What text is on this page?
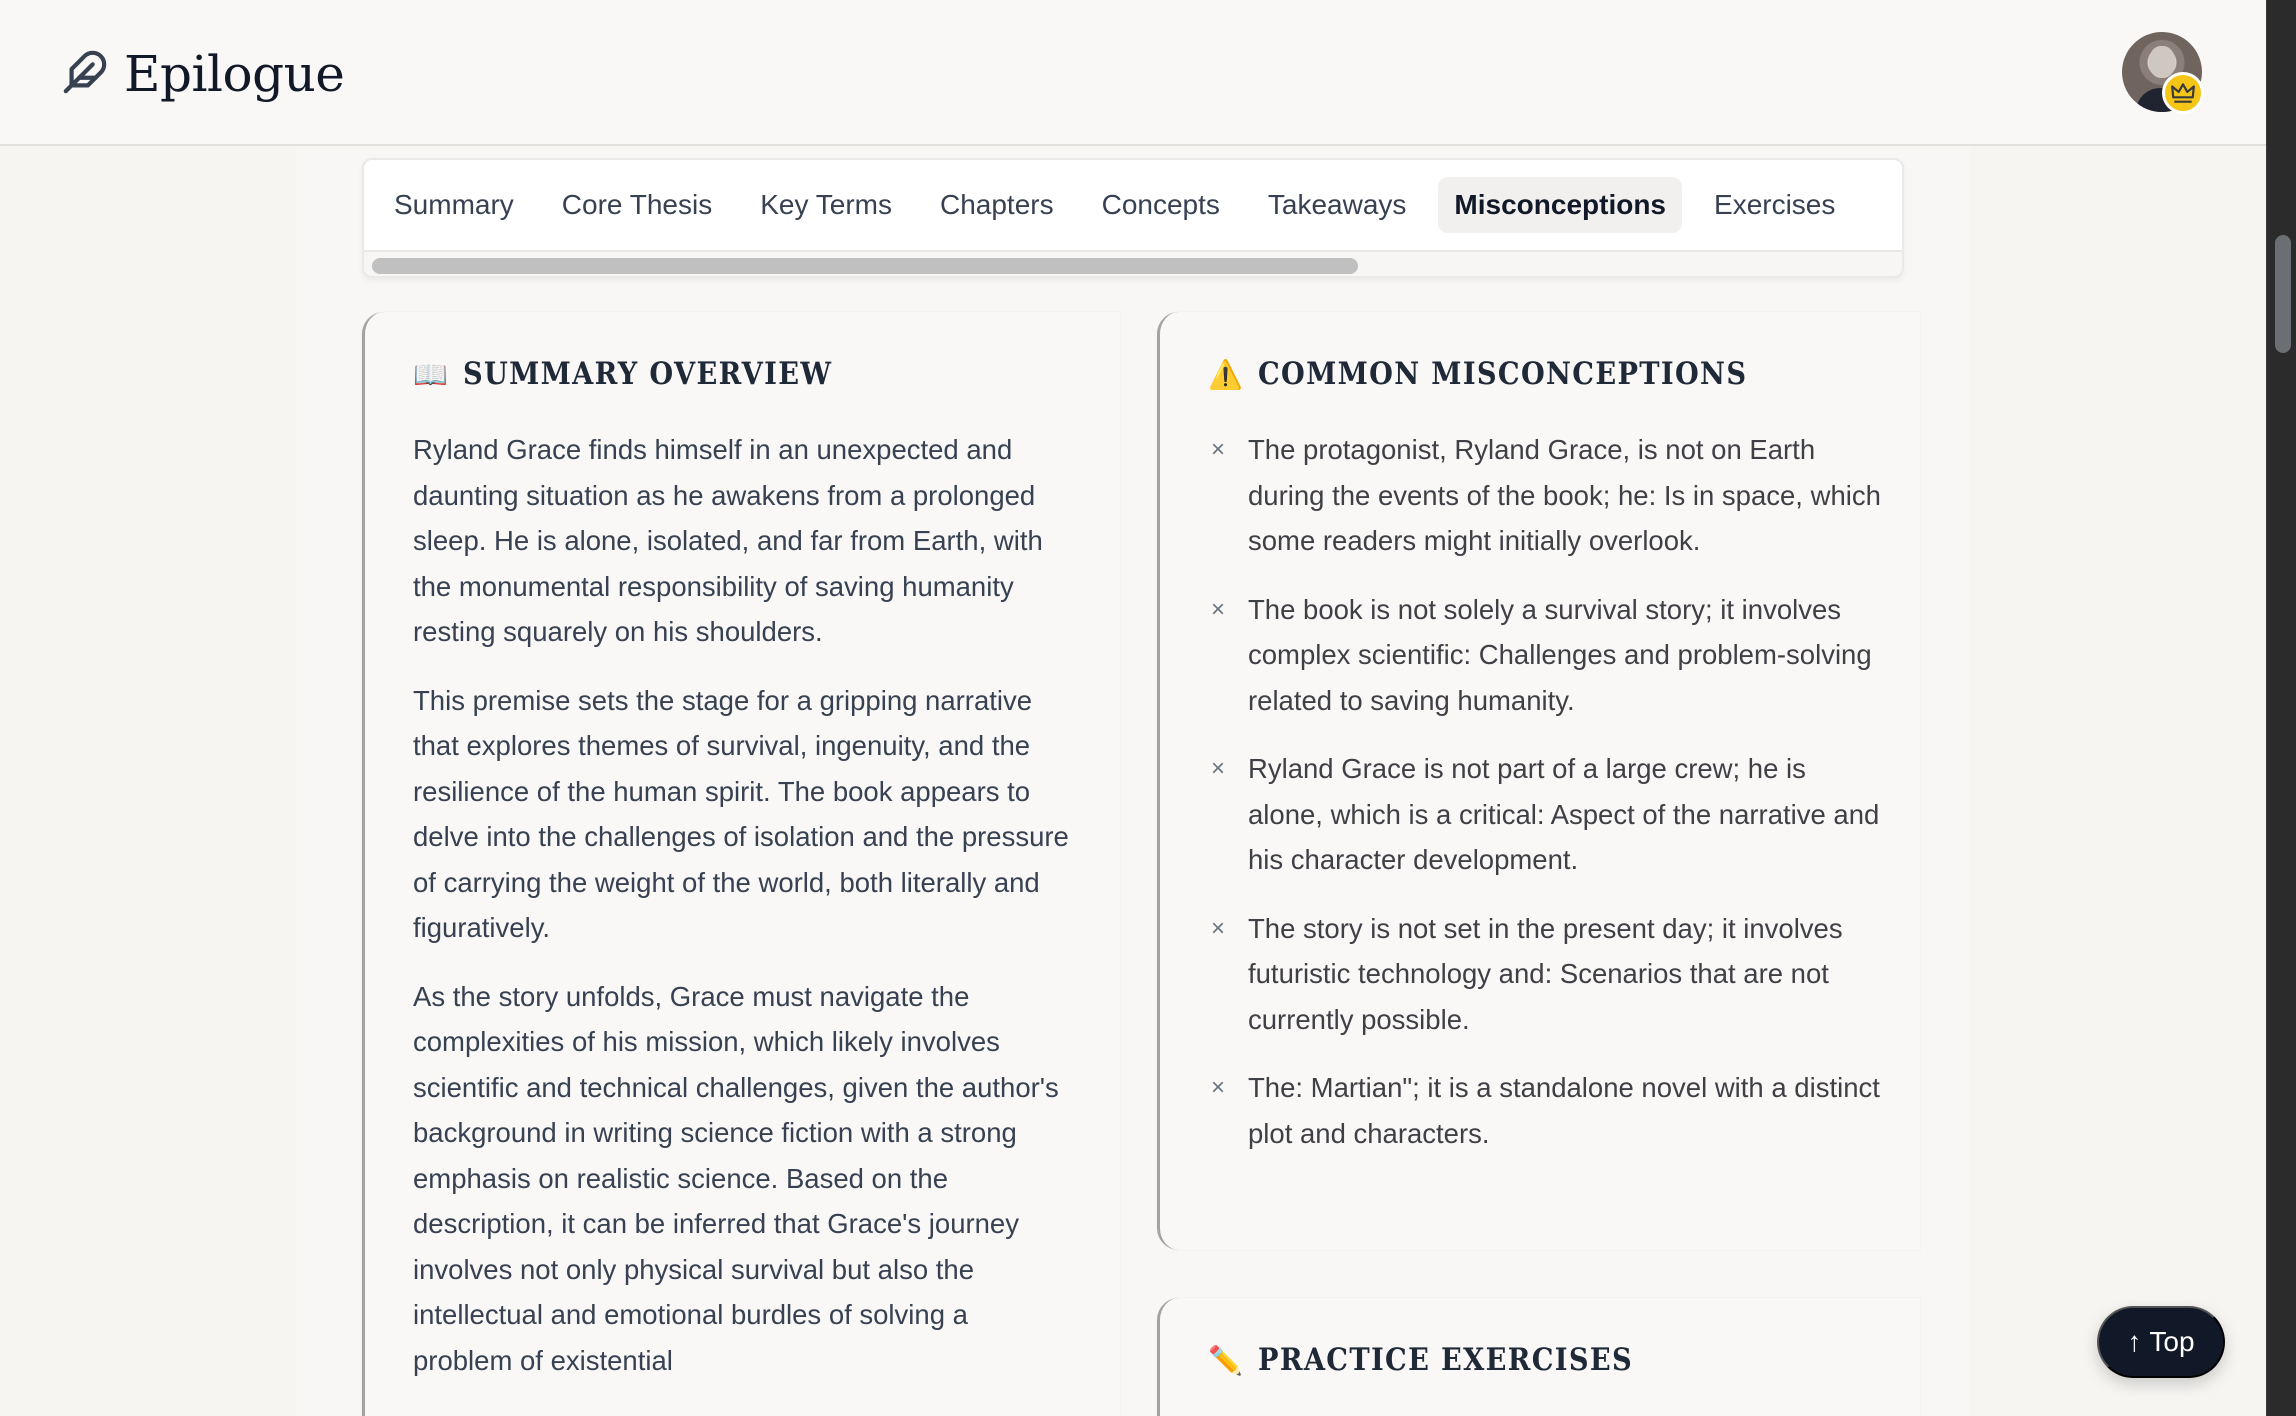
Epilogue
Summary	Core Thesis	Key Terms	Chapters	Concepts	Takeaways	Misconceptions	Exercises
📖 SUMMARY OVERVIEW

Ryland Grace finds himself in an unexpected and daunting situation as he awakens from a prolonged sleep. He is alone, isolated, and far from Earth, with the monumental responsibility of saving humanity resting squarely on his shoulders.

This premise sets the stage for a gripping narrative that explores themes of survival, ingenuity, and the resilience of the human spirit. The book appears to delve into the challenges of isolation and the pressure of carrying the weight of the world, both literally and figuratively.

As the story unfolds, Grace must navigate the complexities of his mission, which likely involves scientific and technical challenges, given the author's background in writing science fiction with a strong emphasis on realistic science. Based on the description, it can be inferred that Grace's journey involves not only physical survival but also the intellectual and emotional burdles of solving a problem of existential

⚠️ COMMON MISCONCEPTIONS
× The protagonist, Ryland Grace, is not on Earth during the events of the book; he: Is in space, which some readers might initially overlook.
× The book is not solely a survival story; it involves complex scientific: Challenges and problem-solving related to saving humanity.
× Ryland Grace is not part of a large crew; he is alone, which is a critical: Aspect of the narrative and his character development.
× The story is not set in the present day; it involves futuristic technology and: Scenarios that are not currently possible.
× The: Martian"; it is a standalone novel with a distinct plot and characters.
✏️ PRACTICE EXERCISES
↑ Top
